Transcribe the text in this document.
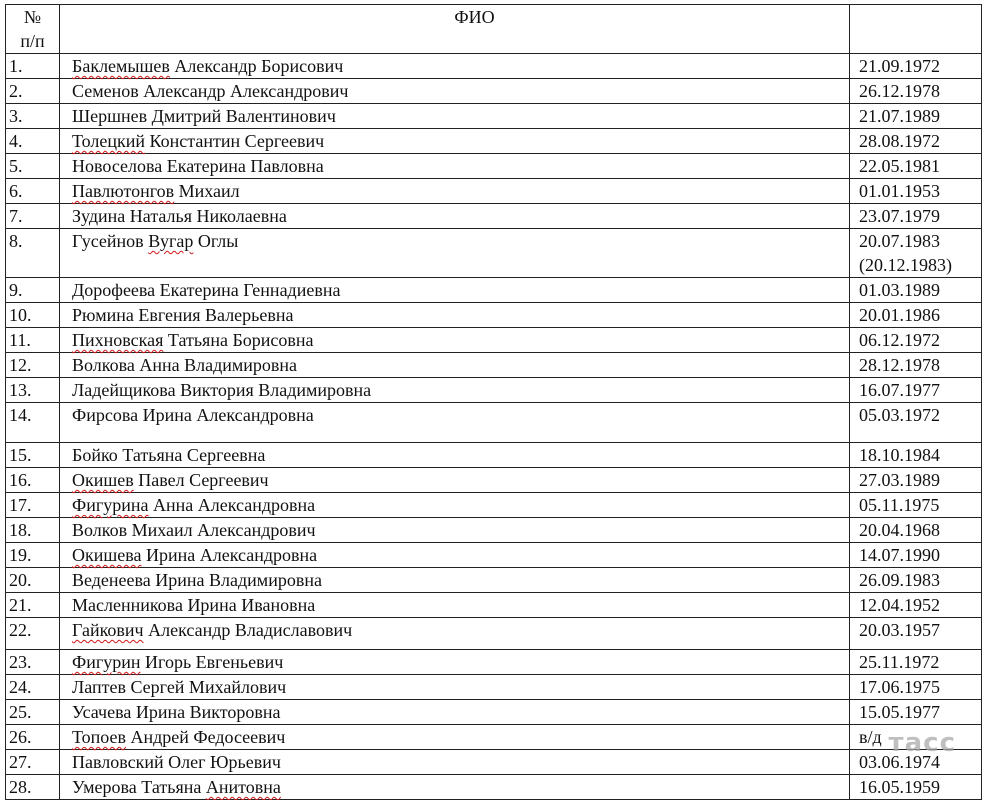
№
п/п	ФИО	
1.	Баклемышев Александр Борисович	21.09.1972

2.	Семенов Александр Александрович	26.12.1978

3.	Шершнев Дмитрий Валентинович	21.07.1989

4.	Толецкий Константин Сергеевич	28.08.1972

5.	Новоселова Екатерина Павловна	22.05.1981

6.	Павлютонгов Михаил	01.01.1953

7.	Зудина Наталья Николаевна	23.07.1979

8.	Гусейнов Вугар Оглы	20.07.1983
(20.12.1983)

9.	Дорофеева Екатерина Геннадиевна	01.03.1989

10.	Рюмина Евгения Валерьевна	20.01.1986

11.	Пихновская Татьяна Борисовна	06.12.1972

12.	Волкова Анна Владимировна	28.12.1978

13.	Ладейщикова Виктория Владимировна	16.07.1977

14.	Фирсова Ирина Александровна	05.03.1972

15.	Бойко Татьяна Сергеевна	18.10.1984

16.	Окишев Павел Сергеевич	27.03.1989

17.	Фигурина Анна Александровна	05.11.1975

18.	Волков Михаил Александрович	20.04.1968

19.	Окишева Ирина Александровна	14.07.1990

20.	Веденеева Ирина Владимировна	26.09.1983

21.	Масленникова Ирина Ивановна	12.04.1952

22.	Гайкович Александр Владиславович	20.03.1957

23.	Фигурин Игорь Евгеньевич	25.11.1972

24.	Лаптев Сергей Михайлович	17.06.1975

25.	Усачева Ирина Викторовна	15.05.1977

26.	Топоев Андрей Федосеевич	в/д

27.	Павловский Олег Юрьевич	03.06.1974

28.	Умерова Татьяна Анитовна	16.05.1959
тасс
